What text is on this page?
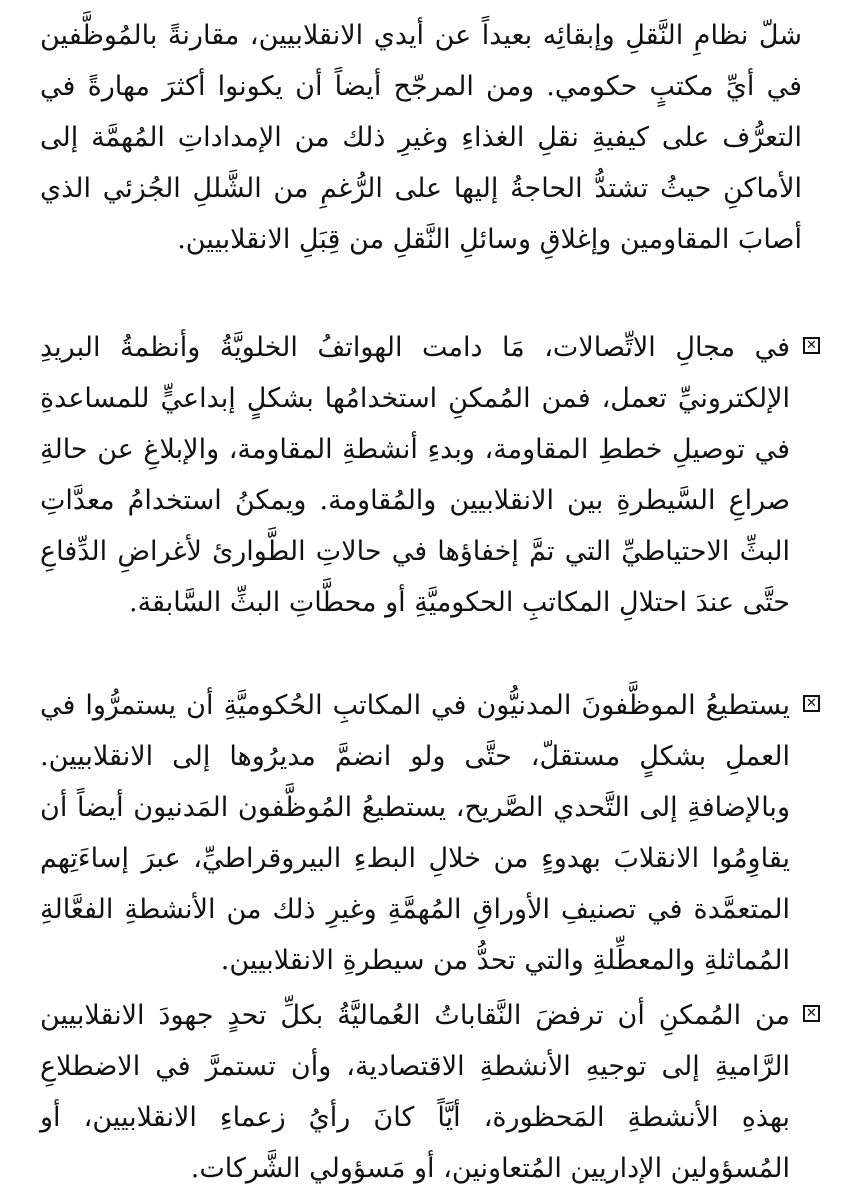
شلّ نظامِ النَّقلِ وإبقائِه بعيداً عن أيدي الانقلابيين، مقارنةً بالمُوظَّفين في أيِّ مكتبٍ حكومي. ومن المرجّح أيضاً أن يكونوا أكثرَ مهارةً في التعرُّف على كيفيةِ نقلِ الغذاءِ وغيرِ ذلك من الإمداداتِ المُهمَّة إلى الأماكنِ حيثُ تشتدُّ الحاجةُ إليها على الرُّغمِ من الشَّللِ الجُزئي الذي أصابَ المقاومين وإغلاقِ وسائلِ النَّقلِ من قِبَلِ الانقلابيين.

✕
في مجالِ الاتِّصالات، مَا دامت الهواتفُ الخلويَّةُ وأنظمةُ البريدِ الإلكترونيِّ تعمل، فمن المُمكنِ استخدامُها بشكلٍ إبداعيٍّ للمساعدةِ في توصيلِ خططِ المقاومة، وبدءِ أنشطةِ المقاومة، والإبلاغِ عن حالةِ صراعِ السَّيطرةِ بين الانقلابيين والمُقاومة. ويمكنُ استخدامُ معدَّاتِ البثِّ الاحتياطيِّ التي تمَّ إخفاؤها في حالاتِ الطَّوارئ لأغراضِ الدِّفاعِ حتَّى عندَ احتلالِ المكاتبِ الحكوميَّةِ أو محطَّاتِ البثِّ السَّابقة.
✕
يستطيعُ الموظَّفونَ المدنيُّون في المكاتبِ الحُكوميَّةِ أن يستمرُّوا في العملِ بشكلٍ مستقلّ، حتَّى ولو انضمَّ مديرُوها إلى الانقلابيين. وبالإضافةِ إلى التَّحدي الصَّريح، يستطيعُ المُوظَّفون المَدنيون أيضاً أن يقاوِمُوا الانقلابَ بهدوءٍ من خلالِ البطءِ البيروقراطيِّ، عبرَ إساءَتِهم المتعمَّدة في تصنيفِ الأوراقِ المُهمَّةِ وغيرِ ذلك من الأنشطةِ الفعَّالةِ المُماثلةِ والمعطِّلةِ والتي تحدُّ من سيطرةِ الانقلابيين.
✕
من المُمكنِ أن ترفضَ النَّقاباتُ العُماليَّةُ بكلِّ تحدٍ جهودَ الانقلابيين الرَّاميةِ إلى توجيهِ الأنشطةِ الاقتصادية، وأن تستمرَّ في الاضطلاعِ بهذهِ الأنشطةِ المَحظورة، أيَّاً كانَ رأيُ زعماءِ الانقلابيين، أو المُسؤولين الإداريين المُتعاونين، أو مَسؤولي الشَّركات.
